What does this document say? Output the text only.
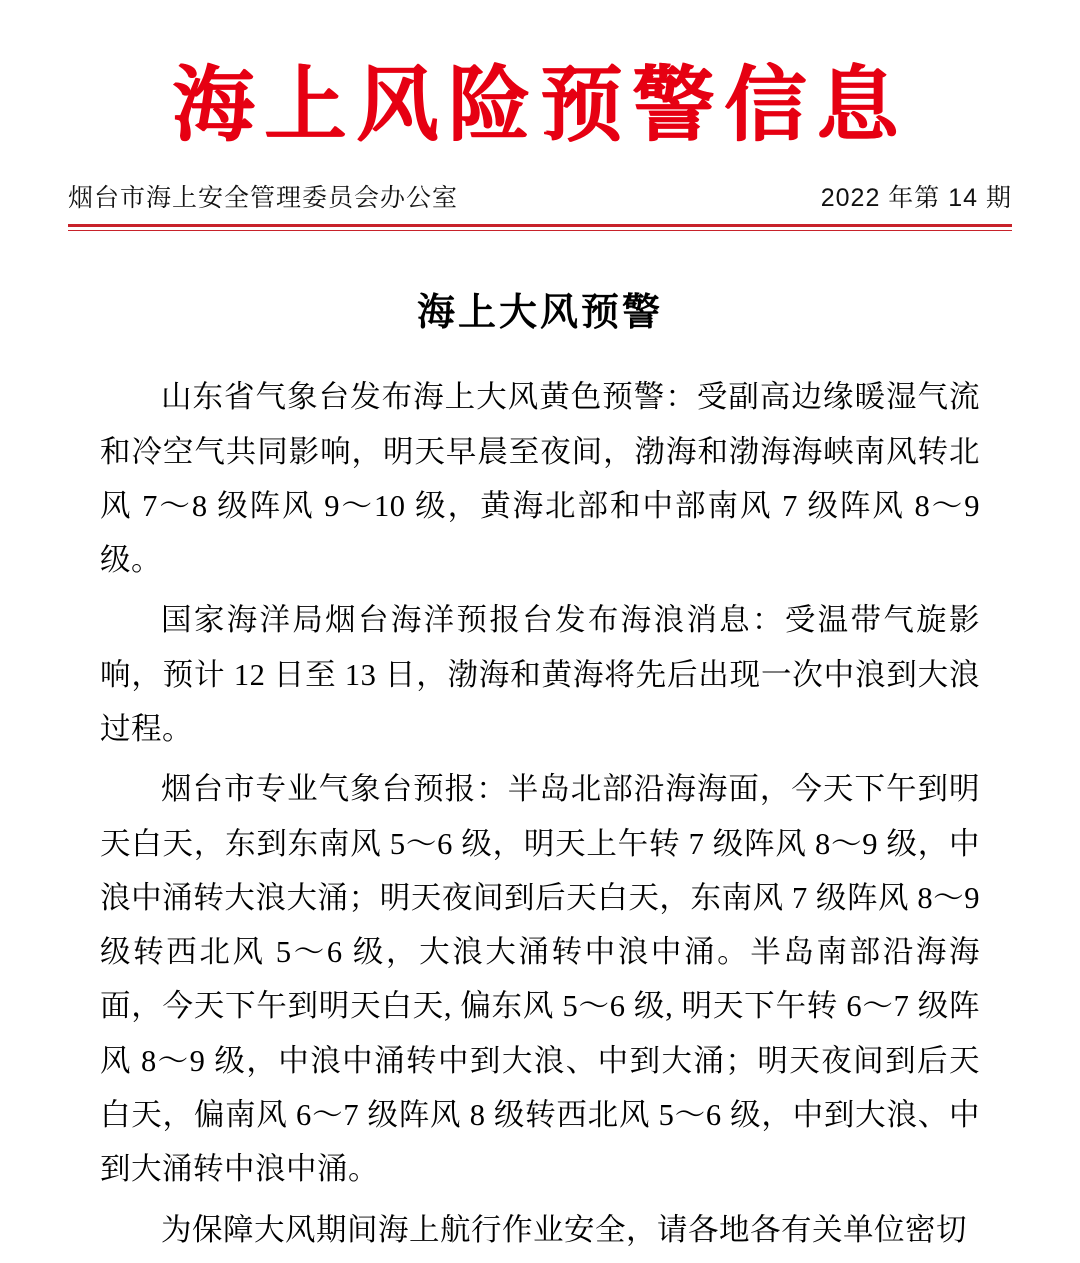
海上风险预警信息
烟台市海上安全管理委员会办公室	2022 年第 14 期
海上大风预警

山东省气象台发布海上大风黄色预警：受副高边缘暖湿气流和冷空气共同影响，明天早晨至夜间，渤海和渤海海峡南风转北风 7～8 级阵风 9～10 级，黄海北部和中部南风 7 级阵风 8～9 级。

国家海洋局烟台海洋预报台发布海浪消息：受温带气旋影响，预计 12 日至 13 日，渤海和黄海将先后出现一次中浪到大浪过程。

烟台市专业气象台预报：半岛北部沿海海面，今天下午到明天白天，东到东南风 5～6 级，明天上午转 7 级阵风 8～9 级，中浪中涌转大浪大涌；明天夜间到后天白天，东南风 7 级阵风 8～9 级转西北风 5～6 级，大浪大涌转中浪中涌。半岛南部沿海海面，今天下午到明天白天, 偏东风 5～6 级, 明天下午转 6～7 级阵风 8～9 级，中浪中涌转中到大浪、中到大涌；明天夜间到后天白天，偏南风 6～7 级阵风 8 级转西北风 5～6 级，中到大浪、中到大涌转中浪中涌。

为保障大风期间海上航行作业安全，请各地各有关单位密切
